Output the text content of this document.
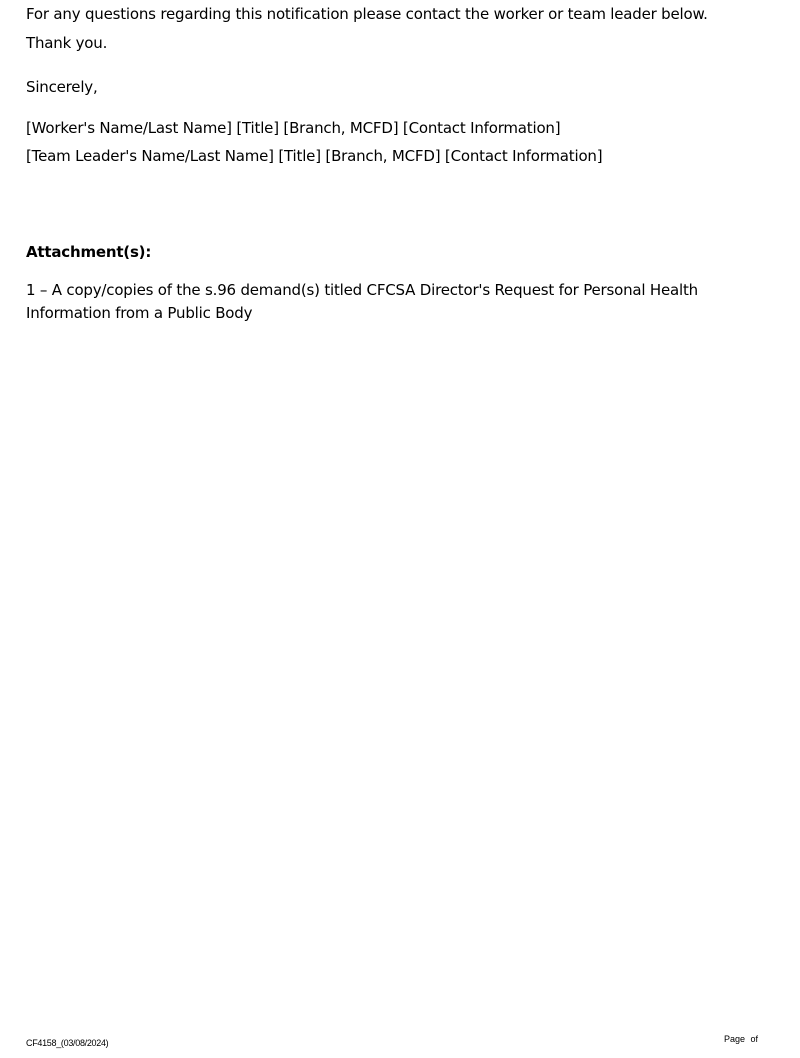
For any questions regarding this notification please contact the worker or team leader below.
Thank you.
Sincerely,
[Worker's Name/Last Name] [Title] [Branch, MCFD] [Contact Information]
[Team Leader's Name/Last Name] [Title] [Branch, MCFD] [Contact Information]
Attachment(s):
1 – A copy/copies of the s.96 demand(s) titled CFCSA Director's Request for Personal Health Information from a Public Body
CF4158_(03/08/2024)	Page of
